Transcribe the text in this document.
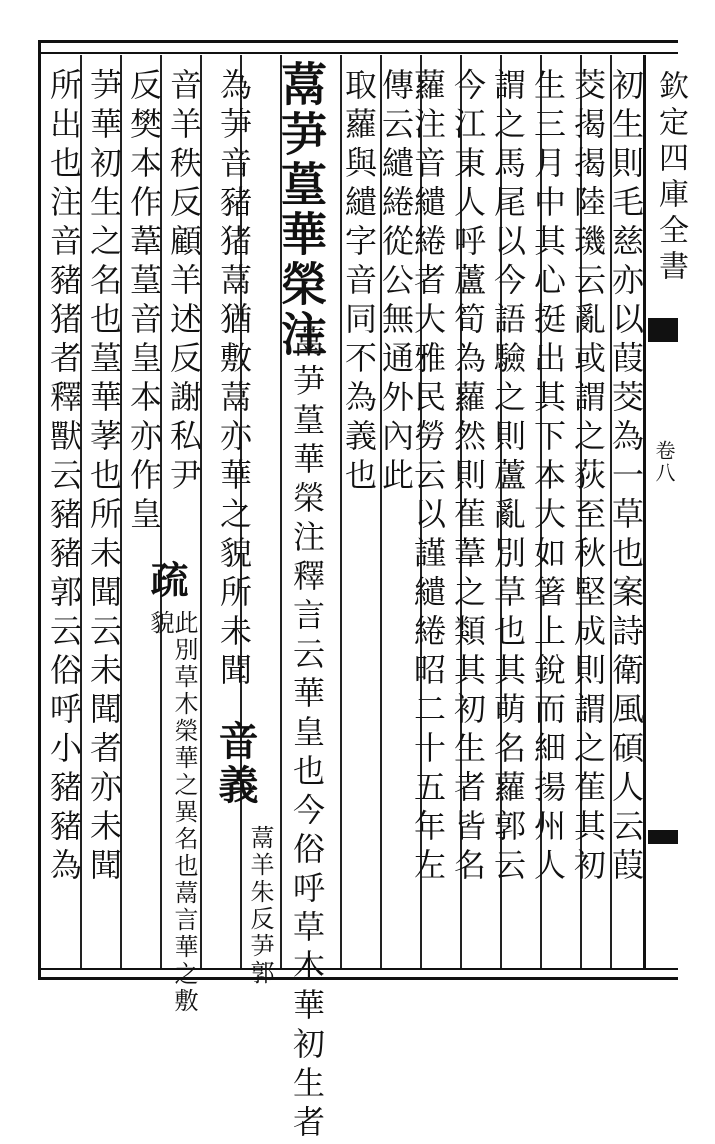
欽定四庫全書
卷八
初生則毛慈亦以葭茭為一草也案詩衛風碩人云葭
茭揭揭陸璣云亂或謂之荻至秋堅成則謂之萑其初
生三月中其心挺出其下本大如箸上銳而細揚州人
謂之馬尾以今語驗之則蘆亂別草也其萌名蘿郭云
今江東人呼蘆筍為蘿然則萑葦之類其初生者皆名
蘿注音繾綣者大雅民勞云以謹繾綣昭二十五年左
傳云繾綣從公無通外內此
取蘿與繾字音同不為義也
蒚芛葟華榮注
蒚芛葟華榮注釋言云華皇也今俗呼草木華初生者
為芛音豬猪蒚猶敷蒚亦華之貌所未聞
音義
蒚羊朱反芛郭
音羊秩反顧羊述反謝私尹
疏
此別草木榮華之異名也蒚言華之敷貌
反樊本作葦葟音皇本亦作皇
芛華初生之名也葟華䓔也所未聞云未聞者亦未聞
所出也注音豬猪者釋獸云豬豬郭云俗呼小豬豬為
